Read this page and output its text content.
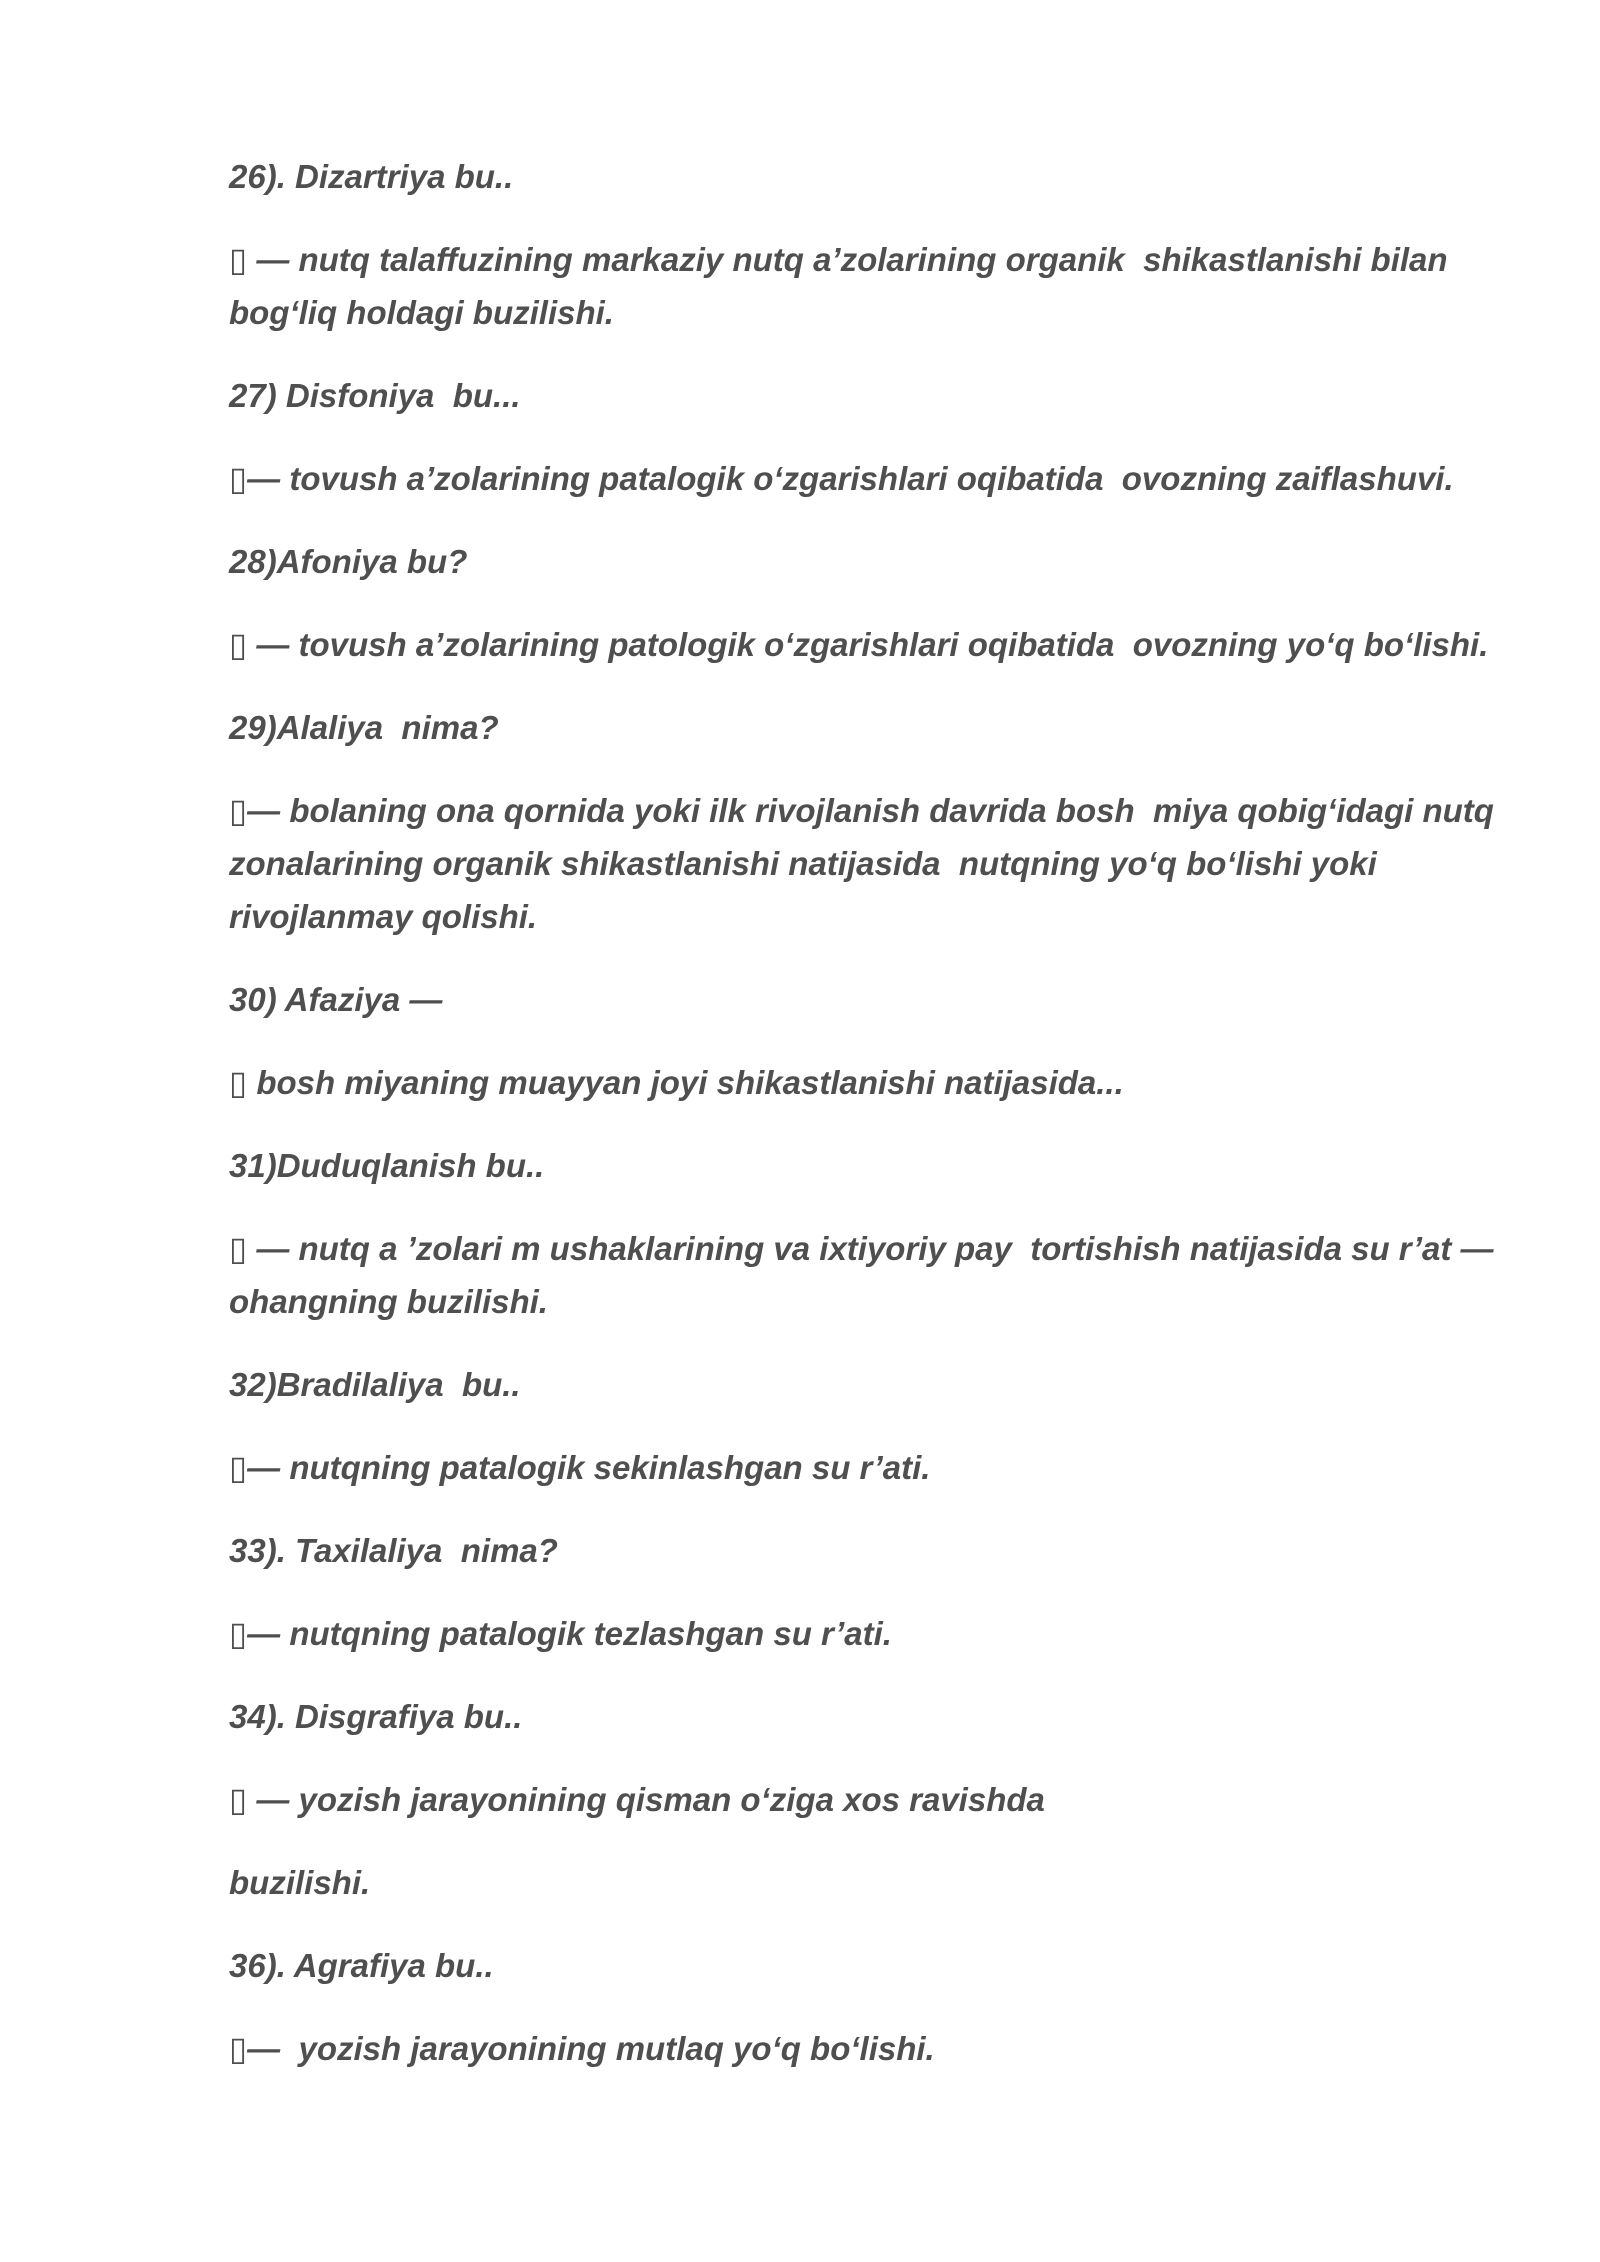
26). Dizartriya bu..

▯ — nutq talaffuzining markaziy nutq a’zolarining organik  shikastlanishi bilan bog‘liq holdagi buzilishi.

27) Disfoniya  bu...

▯— tovush a’zolarining patalogik o‘zgarishlari oqibatida  ovozning zaiflashuvi.

28)Afoniya bu?

▯ — tovush a’zolarining patologik o‘zgarishlari oqibatida  ovozning yo‘q bo‘lishi.

29)Alaliya  nima?

▯— bolaning ona qornida yoki ilk rivojlanish davrida bosh  miya qobig‘idagi nutq zonalarining organik shikastlanishi natijasida  nutqning yo‘q bo‘lishi yoki rivojlanmay qolishi.

30) Afaziya —

▯ bosh miyaning muayyan joyi shikastlanishi natijasida...

31)Duduqlanish bu..

▯ — nutq a ’zolari m ushaklarining va ixtiyoriy pay  tortishish natijasida su r’at — ohangning buzilishi.

32)Bradilaliya  bu..

▯— nutqning patalogik sekinlashgan su r’ati.

33). Taxilaliya  nima?

▯— nutqning patalogik tezlashgan su r’ati.

34). Disgrafiya bu..

▯ — yozish jarayonining qisman o‘ziga xos ravishda

buzilishi.

36). Agrafiya bu..

▯—  yozish jarayonining mutlaq yo‘q bo‘lishi.
